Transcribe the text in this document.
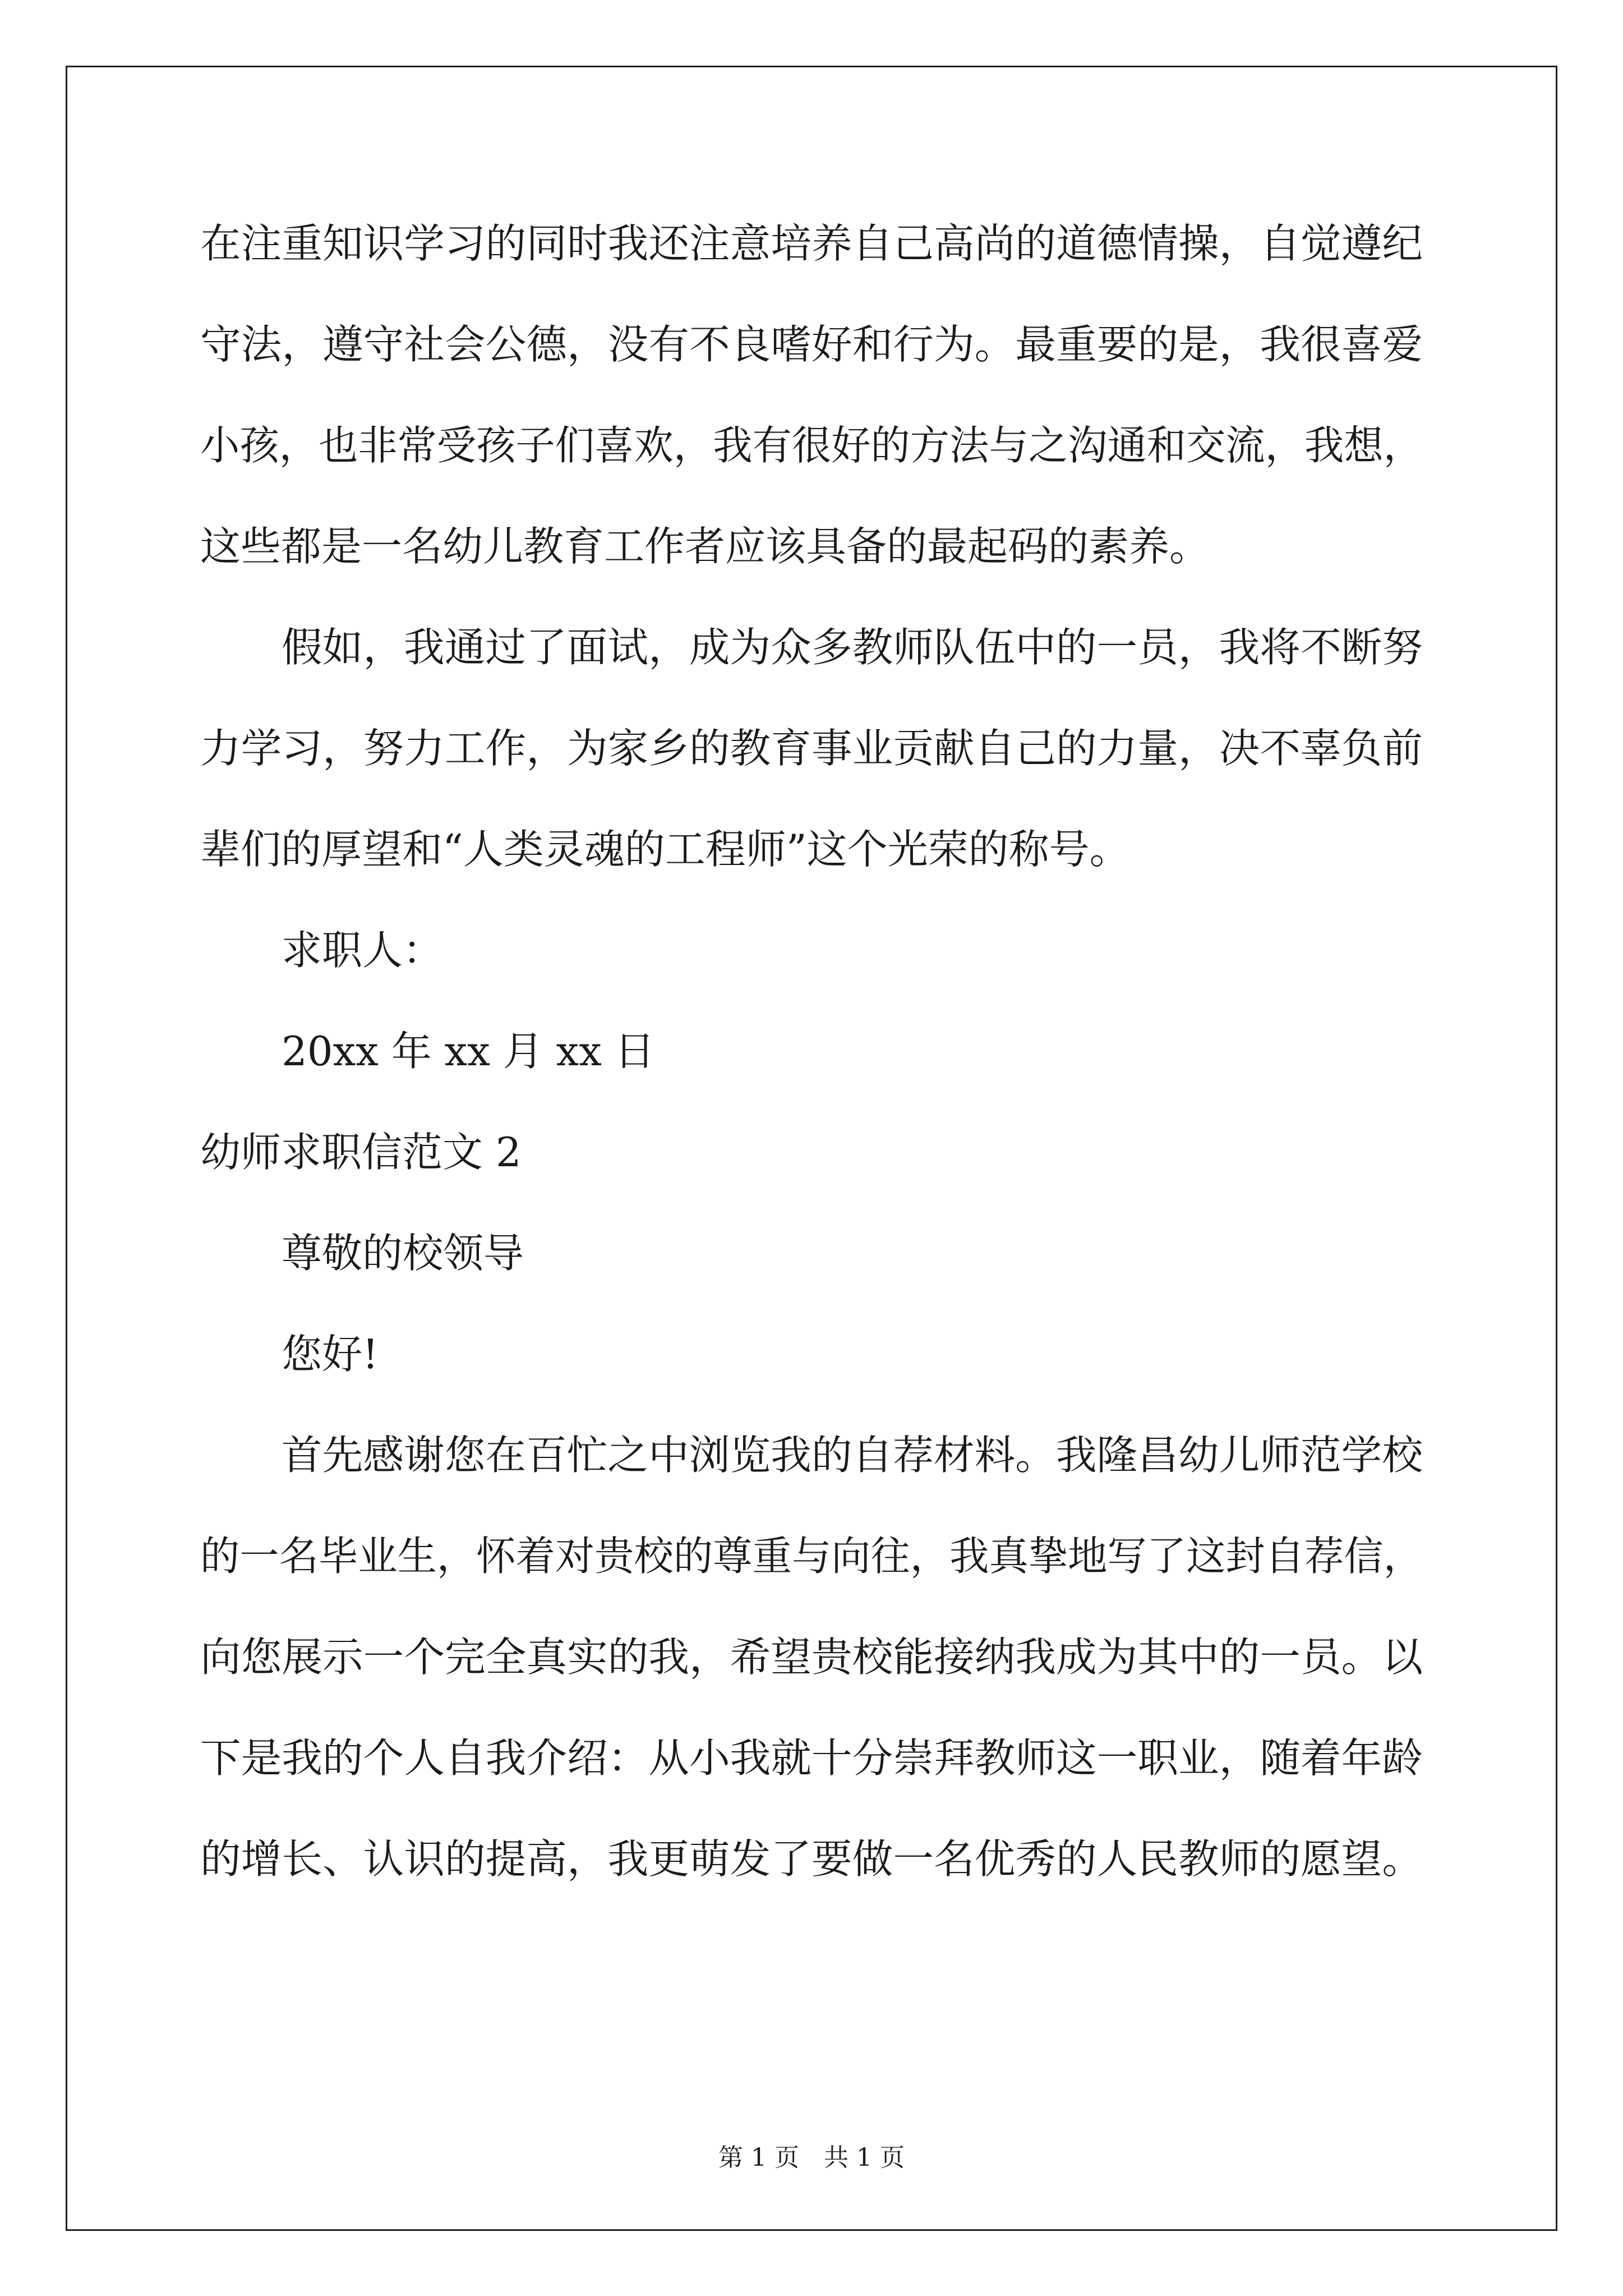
在注重知识学习的同时我还注意培养自己高尚的道德情操，自觉遵纪
守法，遵守社会公德，没有不良嗜好和行为。最重要的是，我很喜爱
小孩，也非常受孩子们喜欢，我有很好的方法与之沟通和交流，我想，
这些都是一名幼儿教育工作者应该具备的最起码的素养。
假如，我通过了面试，成为众多教师队伍中的一员，我将不断努
力学习，努力工作，为家乡的教育事业贡献自己的力量，决不辜负前
辈们的厚望和“人类灵魂的工程师”这个光荣的称号。
求职人：
20xx 年 xx 月 xx 日
幼师求职信范文 2
尊敬的校领导
您好!
首先感谢您在百忙之中浏览我的自荐材料。我隆昌幼儿师范学校
的一名毕业生，怀着对贵校的尊重与向往，我真挚地写了这封自荐信，
向您展示一个完全真实的我，希望贵校能接纳我成为其中的一员。以
下是我的个人自我介绍：从小我就十分崇拜教师这一职业，随着年龄
的增长、认识的提高，我更萌发了要做一名优秀的人民教师的愿望。
第 1 页　共 1 页
